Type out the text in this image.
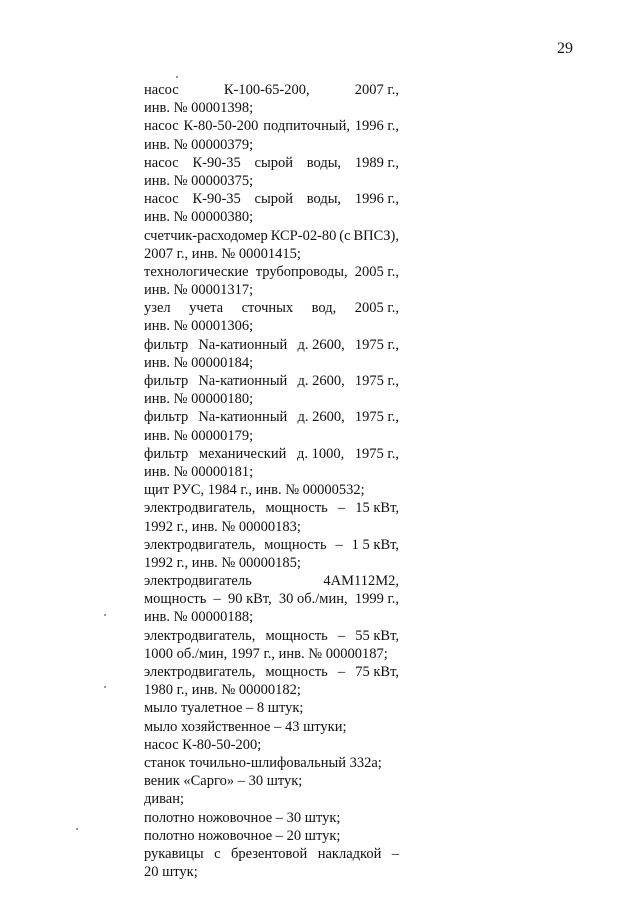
29
насос	К-100-65-200,	2007 г.,
инв. № 00001398;
насос К-80-50-200 подпиточный, 1996 г.,
инв. № 00000379;
насос К-90-35 сырой воды, 1989 г.,
инв. № 00000375;
насос К-90-35 сырой воды, 1996 г.,
инв. № 00000380;
счетчик-расходомер КСР-02-80 (с ВПСЗ),
2007 г., инв. № 00001415;
технологические трубопроводы, 2005 г.,
инв. № 00001317;
узел учета сточных вод, 2005 г.,
инв. № 00001306;
фильтр Na-катионный д. 2600, 1975 г.,
инв. № 00000184;
фильтр Na-катионный д. 2600, 1975 г.,
инв. № 00000180;
фильтр Na-катионный д. 2600, 1975 г.,
инв. № 00000179;
фильтр механический д. 1000, 1975 г.,
инв. № 00000181;
щит РУС, 1984 г., инв. № 00000532;
электродвигатель, мощность – 15 кВт,
1992 г., инв. № 00000183;
электродвигатель, мощность – 1 5 кВт,
1992 г., инв. № 00000185;
электродвигатель	4АМ112М2,
мощность – 90 кВт, 30 об./мин, 1999 г.,
инв. № 00000188;
электродвигатель, мощность – 55 кВт,
1000 об./мин, 1997 г., инв. № 00000187;
электродвигатель, мощность – 75 кВт,
1980 г., инв. № 00000182;
мыло туалетное – 8 штук;
мыло хозяйственное – 43 штуки;
насос К-80-50-200;
станок точильно-шлифовальный 332а;
веник «Сарго» – 30 штук;
диван;
полотно ножовочное – 30 штук;
полотно ножовочное – 20 штук;
рукавицы с брезентовой накладкой –
20 штук;
